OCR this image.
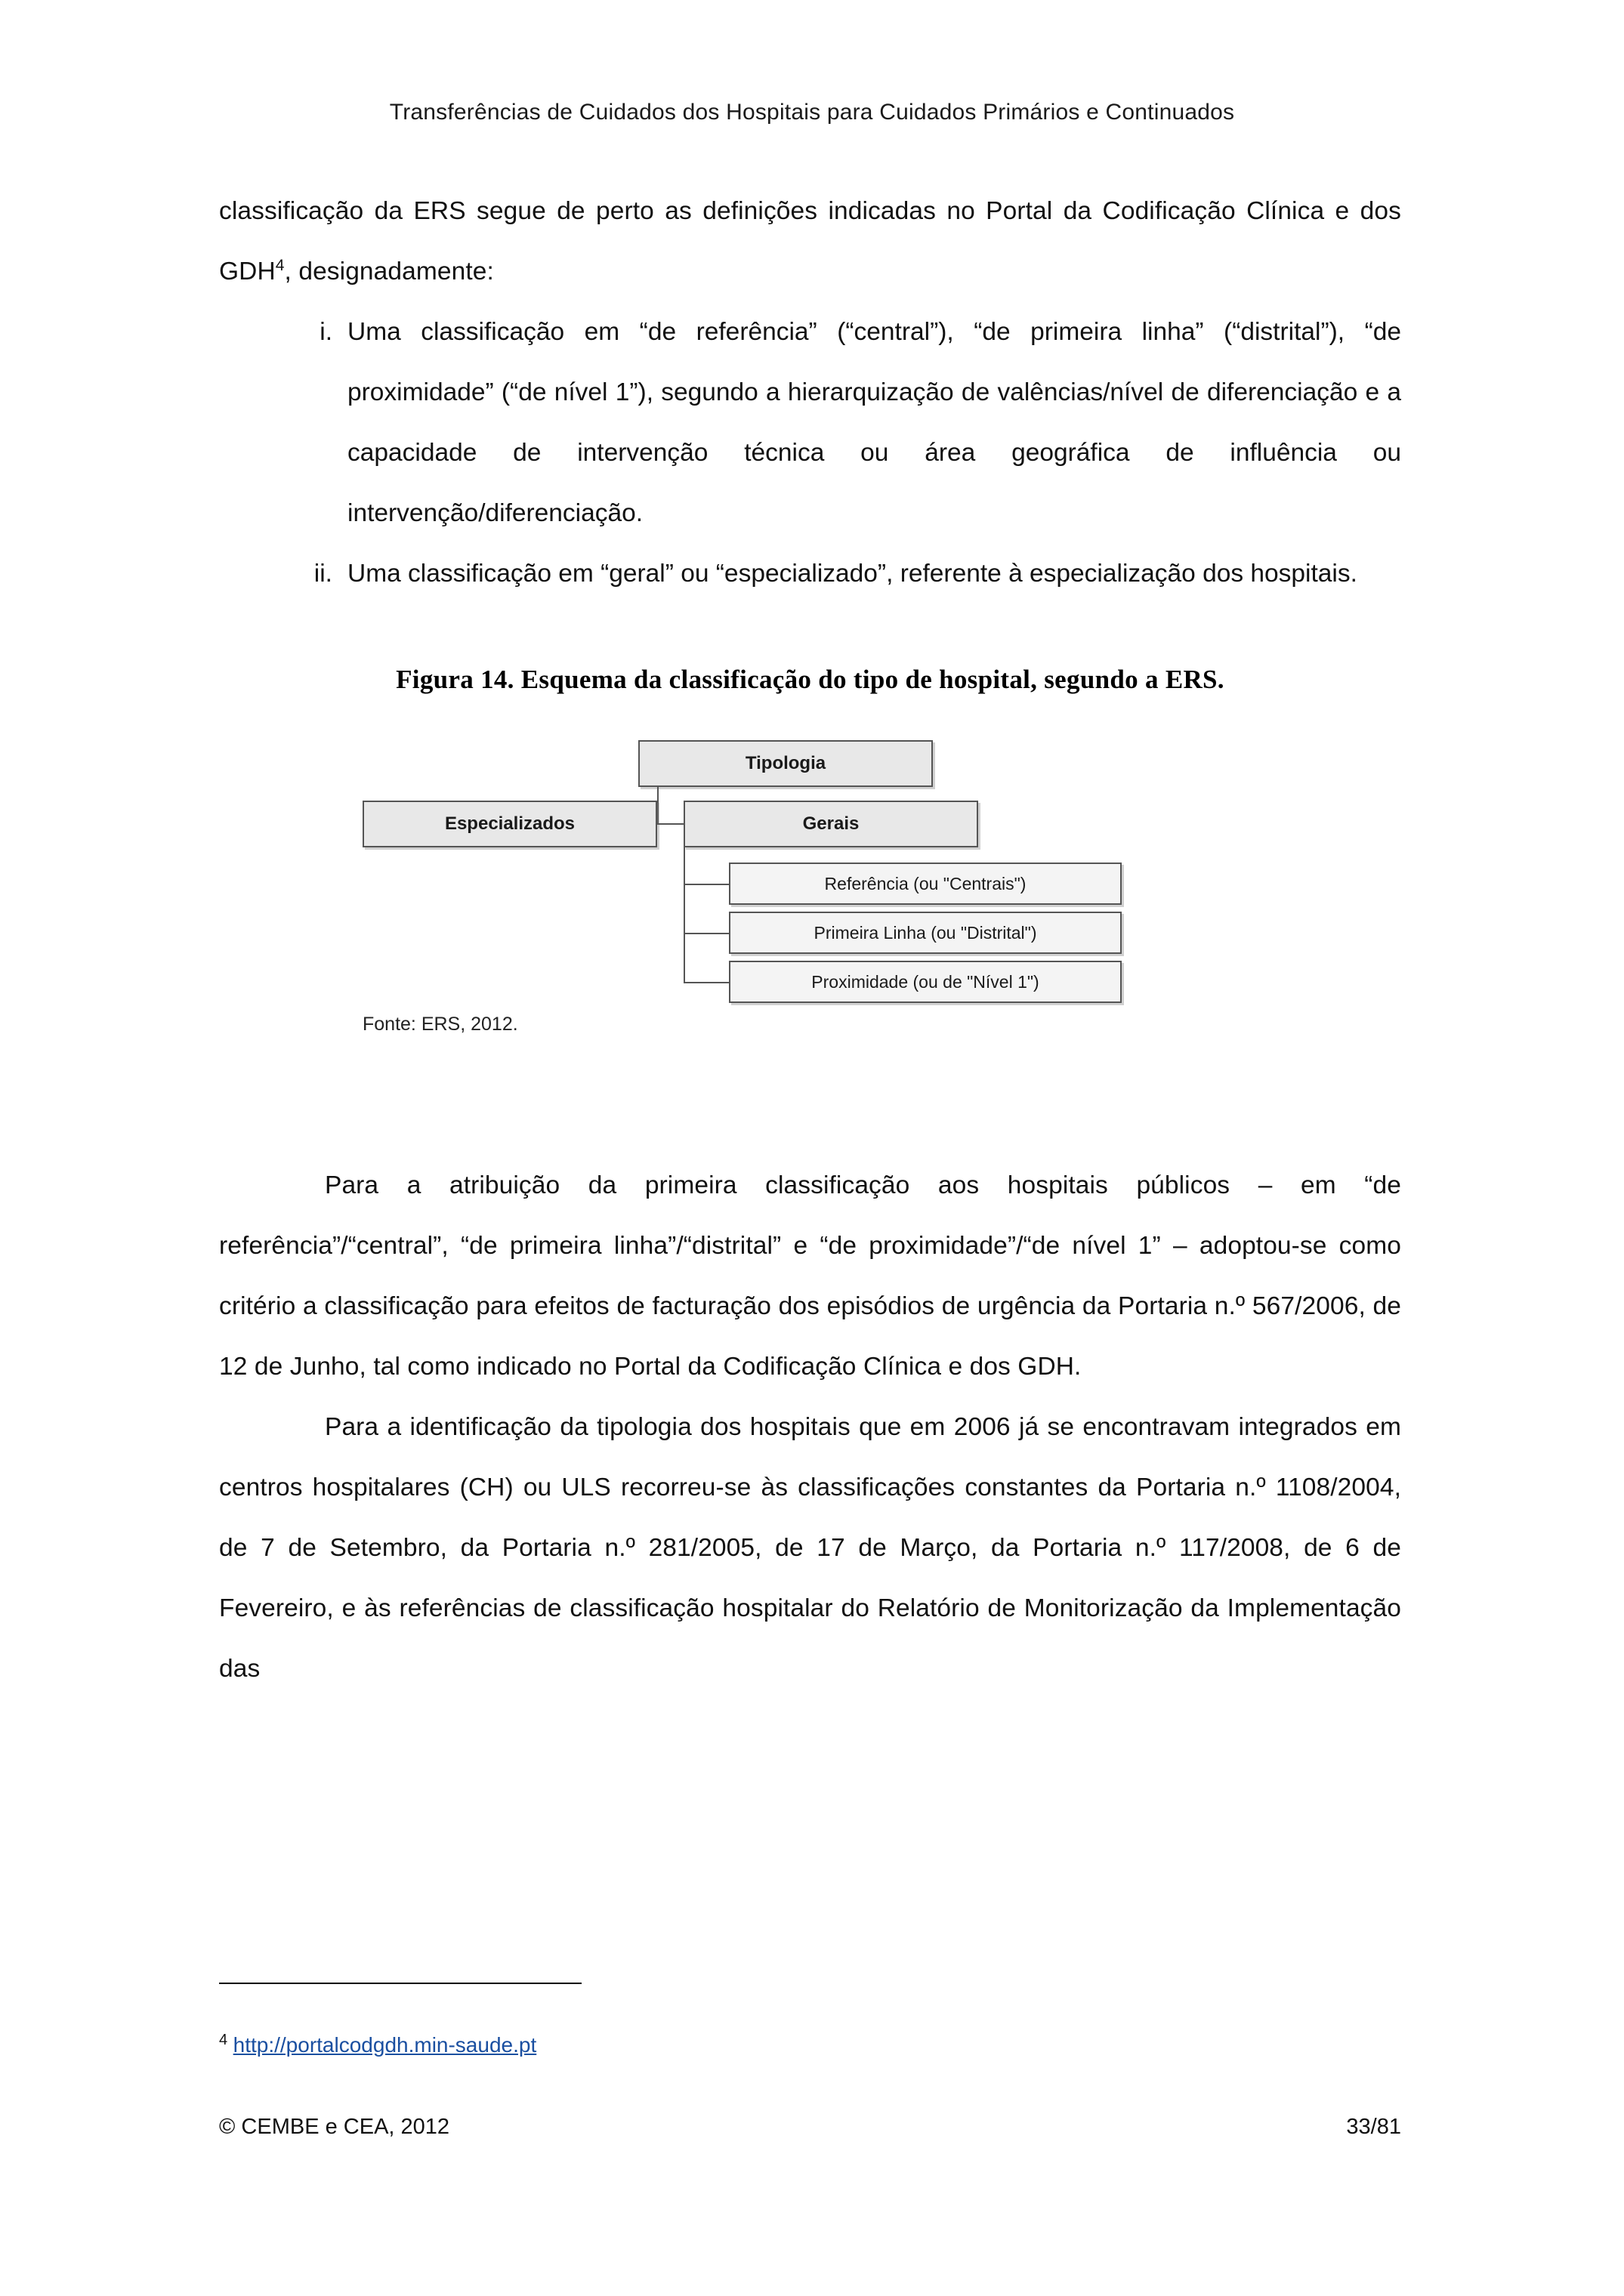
Transferências de Cuidados dos Hospitais para Cuidados Primários e Continuados

classificação da ERS segue de perto as definições indicadas no Portal da Codificação Clínica e dos GDH$^4$, designadamente:

i. Uma classificação em “de referência” (“central”), “de primeira linha” (“distrital”), “de proximidade” (“de nível 1”), segundo a hierarquização de valências/nível de diferenciação e a capacidade de intervenção técnica ou área geográfica de influência ou intervenção/diferenciação.
ii. Uma classificação em “geral” ou “especializado”, referente à especialização dos hospitais.
Figura 14. Esquema da classificação do tipo de hospital, segundo a ERS.
Tipologia
Especializados	Gerais
Referência (ou "Centrais")
Primeira Linha (ou "Distrital")
Proximidade (ou de "Nível 1")
Fonte: ERS, 2012.

Para a atribuição da primeira classificação aos hospitais públicos – em “de referência”/“central”, “de primeira linha”/“distrital” e “de proximidade”/“de nível 1” – adoptou-se como critério a classificação para efeitos de facturação dos episódios de urgência da Portaria n.º 567/2006, de 12 de Junho, tal como indicado no Portal da Codificação Clínica e dos GDH.

Para a identificação da tipologia dos hospitais que em 2006 já se encontravam integrados em centros hospitalares (CH) ou ULS recorreu-se às classificações constantes da Portaria n.º 1108/2004, de 7 de Setembro, da Portaria n.º 281/2005, de 17 de Março, da Portaria n.º 117/2008, de 6 de Fevereiro, e às referências de classificação hospitalar do Relatório de Monitorização da Implementação das

$^4$ http://portalcodgdh.min-saude.pt
© CEMBE e CEA, 2012	33/81
